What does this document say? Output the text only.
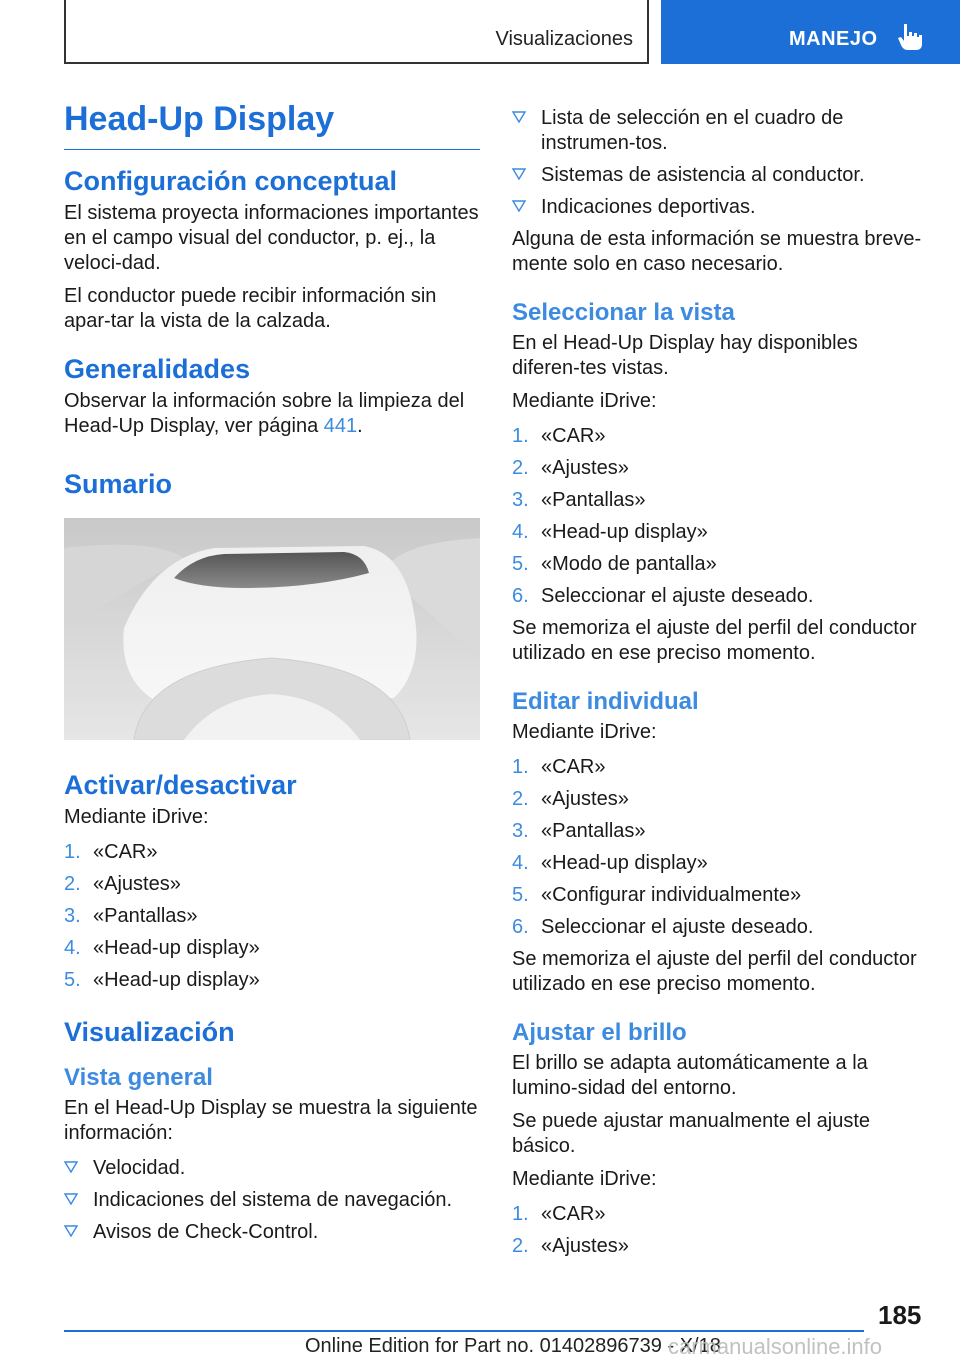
Visualizaciones	MANEJO
Head-Up Display
Configuración conceptual

El sistema proyecta informaciones importantes en el campo visual del conductor, p. ej., la veloci-dad.

El conductor puede recibir información sin apar-tar la vista de la calzada.

Generalidades

Observar la información sobre la limpieza del Head-Up Display, ver página 441.

Sumario
Activar/desactivar

Mediante iDrive:

1. «CAR»
2. «Ajustes»
3. «Pantallas»
4. «Head-up display»
5. «Head-up display»
Visualización
Vista general

En el Head-Up Display se muestra la siguiente información:

Velocidad.
Indicaciones del sistema de navegación.
Avisos de Check-Control.
Lista de selección en el cuadro de instrumen-tos.
Sistemas de asistencia al conductor.
Indicaciones deportivas.

Alguna de esta información se muestra breve-mente solo en caso necesario.

Seleccionar la vista

En el Head-Up Display hay disponibles diferen-tes vistas.

Mediante iDrive:

1. «CAR»
2. «Ajustes»
3. «Pantallas»
4. «Head-up display»
5. «Modo de pantalla»
6. Seleccionar el ajuste deseado.

Se memoriza el ajuste del perfil del conductor utilizado en ese preciso momento.

Editar individual

Mediante iDrive:

1. «CAR»
2. «Ajustes»
3. «Pantallas»
4. «Head-up display»
5. «Configurar individualmente»
6. Seleccionar el ajuste deseado.

Se memoriza el ajuste del perfil del conductor utilizado en ese preciso momento.

Ajustar el brillo

El brillo se adapta automáticamente a la lumino-sidad del entorno.

Se puede ajustar manualmente el ajuste básico.

Mediante iDrive:

1. «CAR»
2. «Ajustes»
185
Online Edition for Part no. 01402896739 - X/18
carmanualsonline.info
